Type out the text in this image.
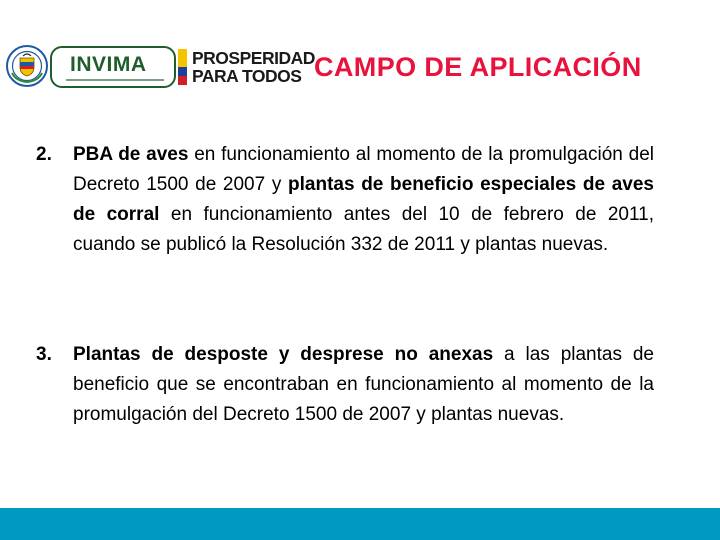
INVIMA	PROSPERIDAD
PARA TODOS CAMPO DE APLICACIÓN
2. PBA de aves en funcionamiento al momento de la promulgación del Decreto 1500 de 2007 y plantas de beneficio especiales de aves de corral en funcionamiento antes del 10 de febrero de 2011, cuando se publicó la Resolución 332 de 2011 y plantas nuevas.
3. Plantas de desposte y desprese no anexas a las plantas de beneficio que se encontraban en funcionamiento al momento de la promulgación del Decreto 1500 de 2007 y plantas nuevas.
